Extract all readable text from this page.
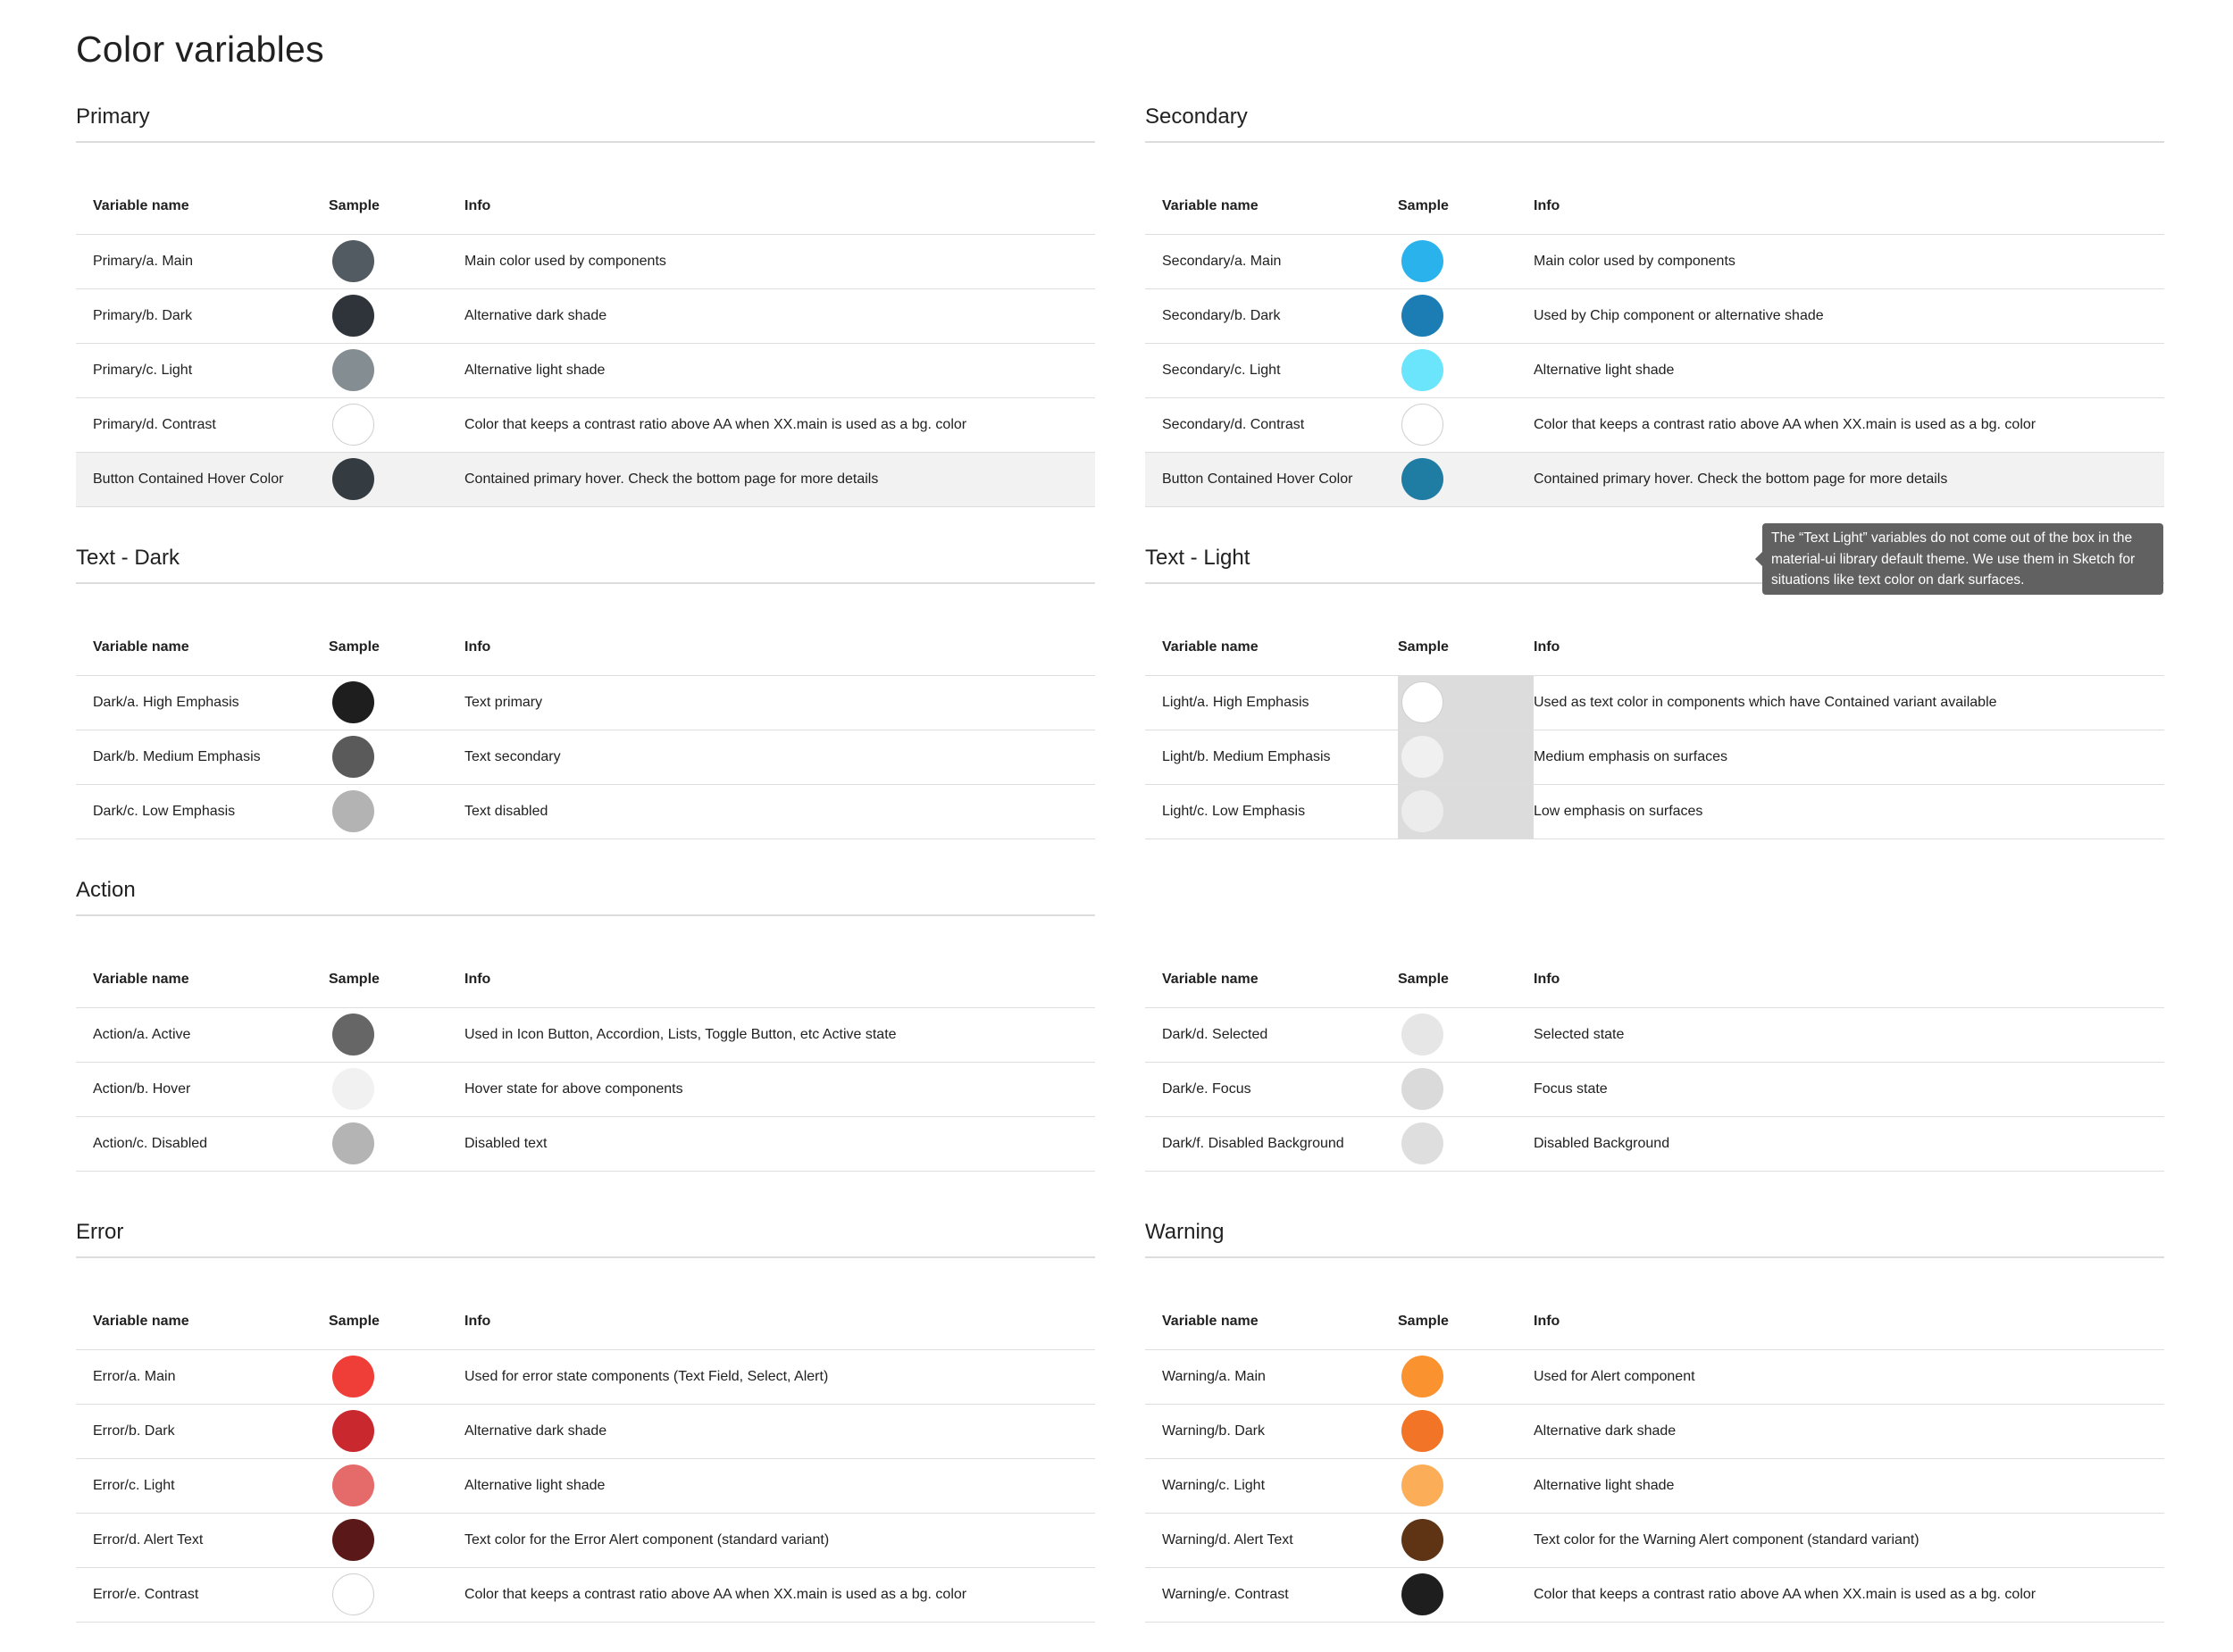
Color variables
Primary
Variable name	Sample	Info
Primary/a. Main		Main color used by components
Primary/b. Dark		Alternative dark shade
Primary/c. Light		Alternative light shade
Primary/d. Contrast		Color that keeps a contrast ratio above AA when XX.main is used as a bg. color
Button Contained Hover Color		Contained primary hover. Check the bottom page for more details
Secondary
Variable name	Sample	Info
Secondary/a. Main		Main color used by components
Secondary/b. Dark		Used by Chip component or alternative shade
Secondary/c. Light		Alternative light shade
Secondary/d. Contrast		Color that keeps a contrast ratio above AA when XX.main is used as a bg. color
Button Contained Hover Color		Contained primary hover. Check the bottom page for more details
Text - Dark
Variable name	Sample	Info
Dark/a. High Emphasis		Text primary
Dark/b. Medium Emphasis		Text secondary
Dark/c. Low Emphasis		Text disabled
Text - Light
Variable name	Sample	Info
Light/a. High Emphasis		Used as text color in components which have Contained variant available
Light/b. Medium Emphasis		Medium emphasis on surfaces
Light/c. Low Emphasis		Low emphasis on surfaces
The “Text Light” variables do not come out of the box in the material-ui library default theme. We use them in Sketch for situations like text color on dark surfaces.
Action
Variable name	Sample	Info
Action/a. Active		Used in Icon Button, Accordion, Lists, Toggle Button, etc Active state
Action/b. Hover		Hover state for above components
Action/c. Disabled		Disabled text
Variable name	Sample	Info
Dark/d. Selected		Selected state
Dark/e. Focus		Focus state
Dark/f. Disabled Background		Disabled Background
Error
Variable name	Sample	Info
Error/a. Main		Used for error state components (Text Field, Select, Alert)
Error/b. Dark		Alternative dark shade
Error/c. Light		Alternative light shade
Error/d. Alert Text		Text color for the Error Alert component (standard variant)
Error/e. Contrast		Color that keeps a contrast ratio above AA when XX.main is used as a bg. color
Warning
Variable name	Sample	Info
Warning/a. Main		Used for Alert component
Warning/b. Dark		Alternative dark shade
Warning/c. Light		Alternative light shade
Warning/d. Alert Text		Text color for the Warning Alert component (standard variant)
Warning/e. Contrast		Color that keeps a contrast ratio above AA when XX.main is used as a bg. color
